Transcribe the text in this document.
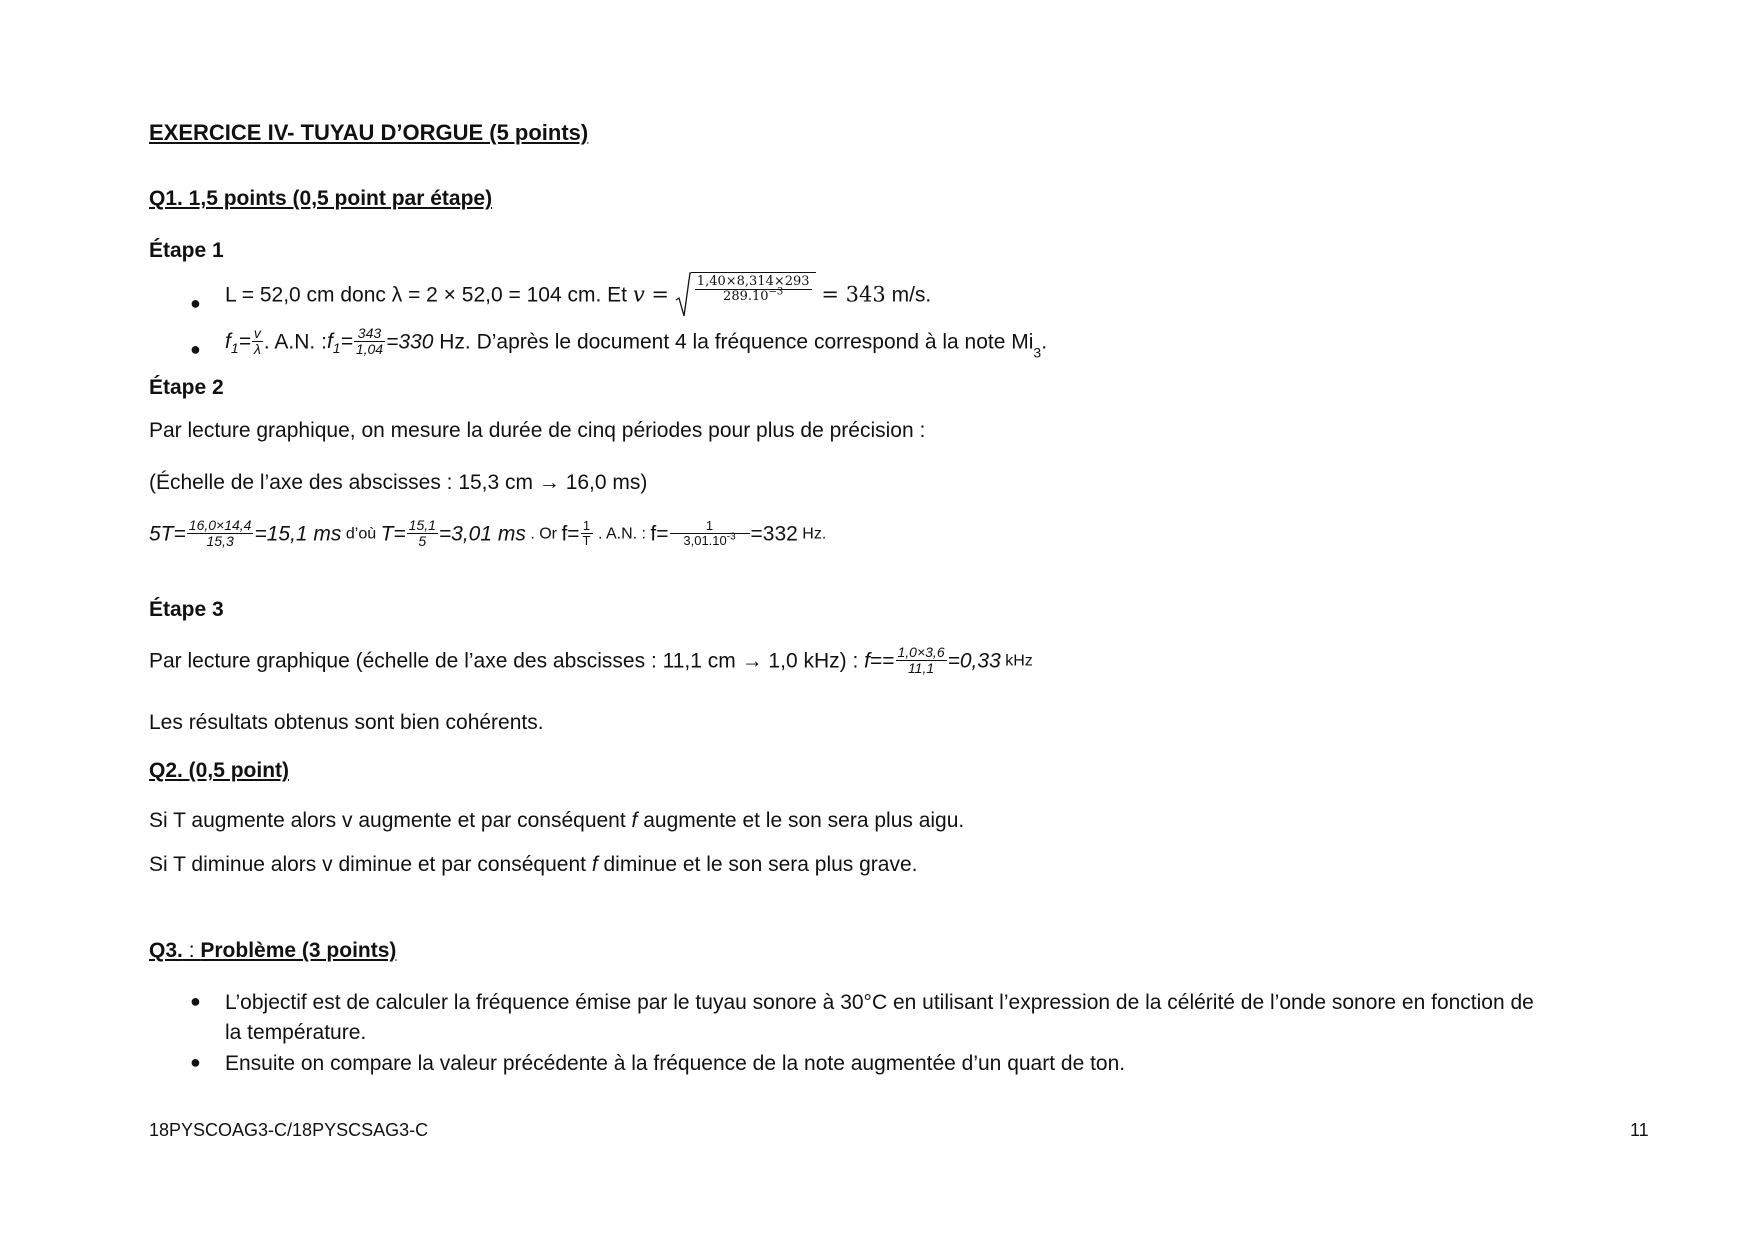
EXERCICE IV- TUYAU D’ORGUE (5 points)
Q1. 1,5 points (0,5 point par étape)
Étape 1
● L = 52,0 cm donc λ = 2 × 52,0 = 104 cm. Et $v = \frac{1,40\times 8,314\times 293}{289.10^{-3}} = 343$ m/s.
● $f_1= \frac{v}{\lambda}$ . A.N. $:f_1= \frac{343}{1,04} =330$ Hz. D’après le document 4 la fréquence correspond à la note $Mi_3$.
Étape 2
Par lecture graphique, on mesure la durée de cinq périodes pour plus de précision :
(Échelle de l’axe des abscisses : 15,3 cm → 16,0 ms)
$5T= \frac{16,0\times 14,4}{15,3} =15,1$ ms d’où $T= \frac{15,1}{5} =3,01$ ms . Or $f= \frac{1}{T}$ . A.N. : $f= \frac{1}{3,01.10^{-3}} =332$ Hz.
Étape 3
Par lecture graphique (échelle de l’axe des abscisses : 11,1 cm → 1,0 kHz) : $f== \frac{1,0\times 3,6}{11,1} =0,33$ kHz
Les résultats obtenus sont bien cohérents.
Q2. (0,5 point)
Si T augmente alors v augmente et par conséquent f augmente et le son sera plus aigu.
Si T diminue alors v diminue et par conséquent f diminue et le son sera plus grave.
Q3. : Problème (3 points)
● L’objectif est de calculer la fréquence émise par le tuyau sonore à 30°C en utilisant l’expression de la célérité de l’onde sonore en fonction de
la température.
● Ensuite on compare la valeur précédente à la fréquence de la note augmentée d’un quart de ton.
18PYSCOAG3-C/18PYSCSAG3-C	11
